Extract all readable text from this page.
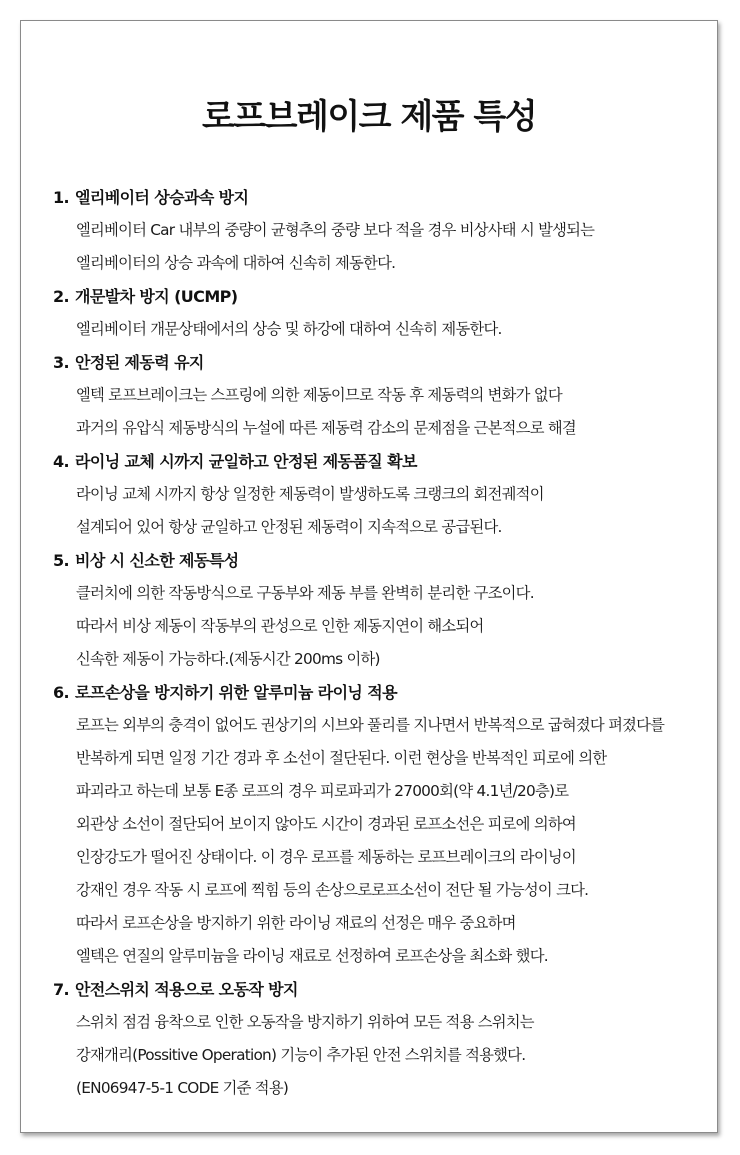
로프브레이크 제품 특성
1. 엘리베이터 상승과속 방지
엘리베이터 Car 내부의 중량이 균형추의 중량 보다 적을 경우 비상사태 시 발생되는
엘리베이터의 상승 과속에 대하여 신속히 제동한다.
2. 개문발차 방지 (UCMP)
엘리베이터 개문상태에서의 상승 및 하강에 대하여 신속히 제동한다.
3. 안정된 제동력 유지
엘텍 로프브레이크는 스프링에 의한 제동이므로 작동 후 제동력의 변화가 없다
과거의 유압식 제동방식의 누설에 따른 제동력 감소의 문제점을 근본적으로 해결
4. 라이닝 교체 시까지 균일하고 안정된 제동품질 확보
라이닝 교체 시까지 항상 일정한 제동력이 발생하도록 크랭크의 회전궤적이
설계되어 있어 항상 균일하고 안정된 제동력이 지속적으로 공급된다.
5. 비상 시 신소한 제동특성
클러치에 의한 작동방식으로 구동부와 제동 부를 완벽히 분리한 구조이다.
따라서 비상 제동이 작동부의 관성으로 인한 제동지연이 해소되어
신속한 제동이 가능하다.(제동시간 200ms 이하)
6. 로프손상을 방지하기 위한 알루미늄 라이닝 적용
로프는 외부의 충격이 없어도 권상기의 시브와 풀리를 지나면서 반복적으로 굽혀졌다 펴졌다를
반복하게 되면 일정 기간 경과 후 소선이 절단된다. 이런 현상을 반복적인 피로에 의한
파괴라고 하는데 보통 E종 로프의 경우 피로파괴가 27000회(약 4.1년/20층)로
외관상 소선이 절단되어 보이지 않아도 시간이 경과된 로프소선은 피로에 의하여
인장강도가 떨어진 상태이다. 이 경우 로프를 제동하는 로프브레이크의 라이닝이
강재인 경우 작동 시 로프에 찍힘 등의 손상으로로프소선이 전단 될 가능성이 크다.
따라서 로프손상을 방지하기 위한 라이닝 재료의 선정은 매우 중요하며
엘텍은 연질의 알루미늄을 라이닝 재료로 선정하여 로프손상을 최소화 했다.
7. 안전스위치 적용으로 오동작 방지
스위치 점검 융착으로 인한 오동작을 방지하기 위하여 모든 적용 스위치는
강재개리(Possitive Operation) 기능이 추가된 안전 스위치를 적용했다.
(EN06947-5-1 CODE 기준 적용)
